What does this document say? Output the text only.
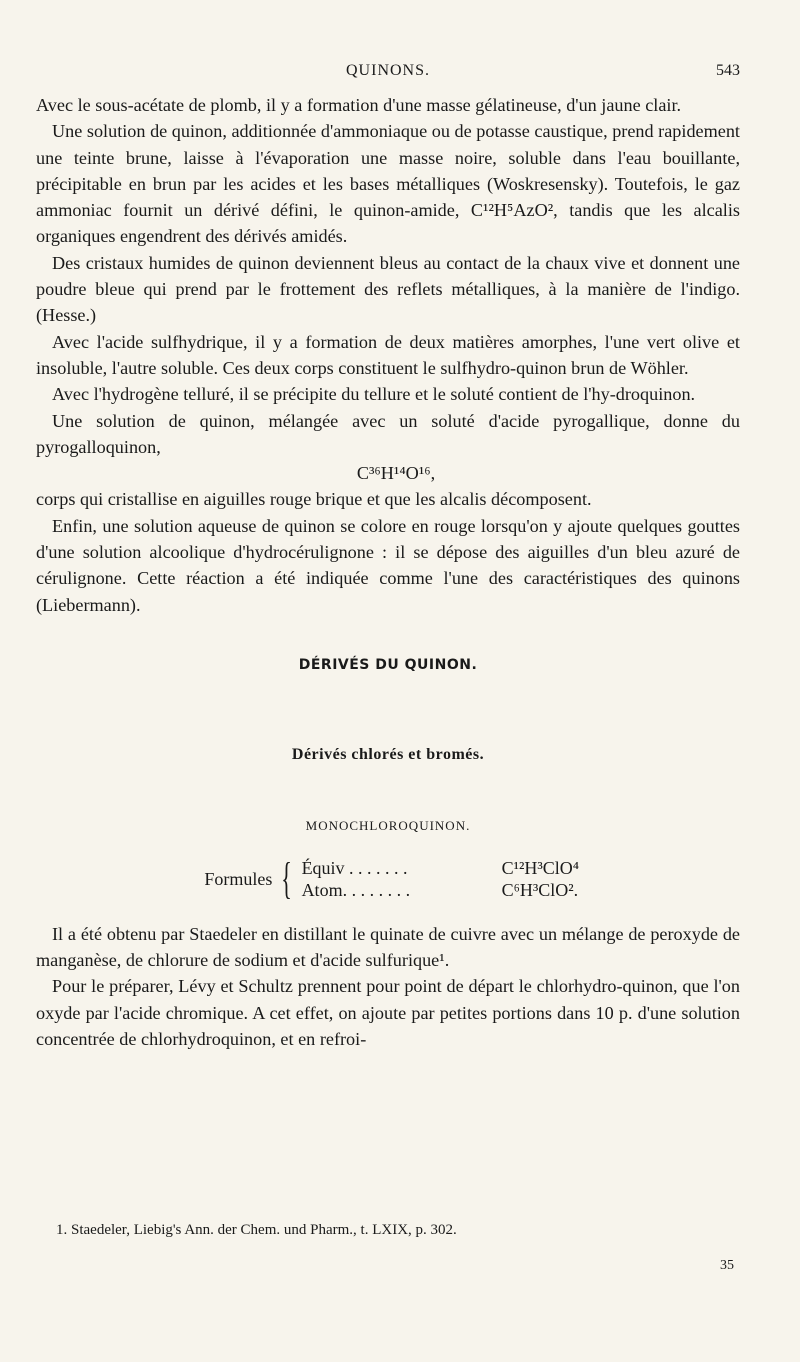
QUINONS.	543

Avec le sous-acétate de plomb, il y a formation d'une masse gélatineuse, d'un jaune clair.

Une solution de quinon, additionnée d'ammoniaque ou de potasse caustique, prend rapidement une teinte brune, laisse à l'évaporation une masse noire, soluble dans l'eau bouillante, précipitable en brun par les acides et les bases métalliques (Woskresensky). Toutefois, le gaz ammoniac fournit un dérivé défini, le quinon-amide, C¹²H⁵AzO², tandis que les alcalis organiques engendrent des dérivés amidés.

Des cristaux humides de quinon deviennent bleus au contact de la chaux vive et donnent une poudre bleue qui prend par le frottement des reflets métalliques, à la manière de l'indigo. (Hesse.)

Avec l'acide sulfhydrique, il y a formation de deux matières amorphes, l'une vert olive et insoluble, l'autre soluble. Ces deux corps constituent le sulfhydro-quinon brun de Wöhler.

Avec l'hydrogène telluré, il se précipite du tellure et le soluté contient de l'hy-droquinon.

Une solution de quinon, mélangée avec un soluté d'acide pyrogallique, donne du pyrogalloquinon,

C³⁶H¹⁴O¹⁶,

corps qui cristallise en aiguilles rouge brique et que les alcalis décomposent.

Enfin, une solution aqueuse de quinon se colore en rouge lorsqu'on y ajoute quelques gouttes d'une solution alcoolique d'hydrocérulignone : il se dépose des aiguilles d'un bleu azuré de cérulignone. Cette réaction a été indiquée comme l'une des caractéristiques des quinons (Liebermann).

DÉRIVÉS DU QUINON.
Dérivés chlorés et bromés.
MONOCHLOROQUINON.
Formules { Équiv . . . . . . .	C¹²H³ClO⁴
Atom. . . . . . . .	C⁶H³ClO².

Il a été obtenu par Staedeler en distillant le quinate de cuivre avec un mélange de peroxyde de manganèse, de chlorure de sodium et d'acide sulfurique¹.

Pour le préparer, Lévy et Schultz prennent pour point de départ le chlorhydro-quinon, que l'on oxyde par l'acide chromique. A cet effet, on ajoute par petites portions dans 10 p. d'une solution concentrée de chlorhydroquinon, et en refroi-

1. Staedeler, Liebig's Ann. der Chem. und Pharm., t. LXIX, p. 302.

35
